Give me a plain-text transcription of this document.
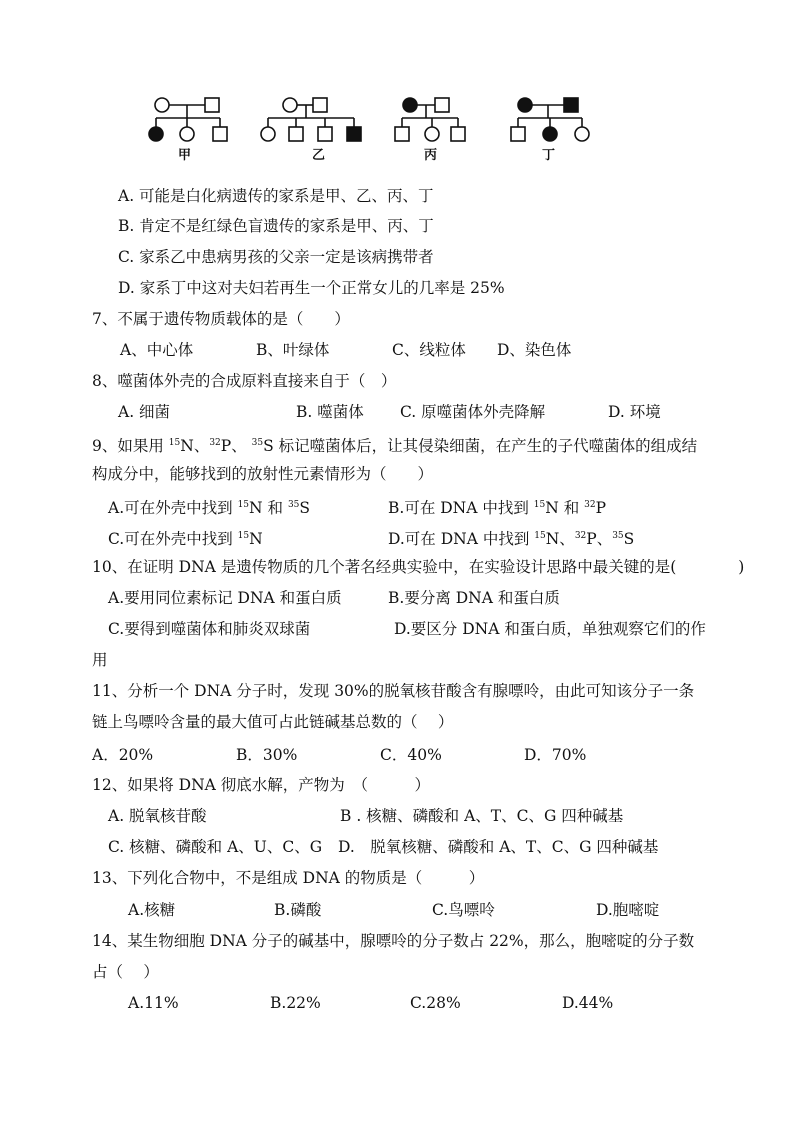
甲	乙	丙	丁
A. 可能是白化病遗传的家系是甲、乙、丙、丁
B. 肯定不是红绿色盲遗传的家系是甲、丙、丁
C. 家系乙中患病男孩的父亲一定是该病携带者
D. 家系丁中这对夫妇若再生一个正常女儿的几率是 25%
7、不属于遗传物质载体的是（　　）
A、中心体	B、叶绿体	C、线粒体 D、染色体
8、噬菌体外壳的合成原料直接来自于（　）
A. 细菌	B. 噬菌体 C. 原噬菌体外壳降解	D. 环境
9、如果用 $^{15}$N、$^{32}$P、 $^{35}$S 标记噬菌体后，让其侵染细菌，在产生的子代噬菌体的组成结
构成分中，能够找到的放射性元素情形为（　　）
A.可在外壳中找到 $^{15}$N 和 $^{35}$S	B.可在 DNA 中找到 $^{15}$N 和 $^{32}$P
C.可在外壳中找到 $^{15}$N	D.可在 DNA 中找到 $^{15}$N、$^{32}$P、$^{35}$S
10、在证明 DNA 是遗传物质的几个著名经典实验中，在实验设计思路中最关键的是(　　　　)
A.要用同位素标记 DNA 和蛋白质	B.要分离 DNA 和蛋白质
C.要得到噬菌体和肺炎双球菌	D.要区分 DNA 和蛋白质，单独观察它们的作
用
11、分析一个 DNA 分子时，发现 30%的脱氧核苷酸含有腺嘌呤，由此可知该分子一条
链上鸟嘌呤含量的最大值可占此链碱基总数的（　 ）
A．20%	B．30%	C．40%	D．70%
12、如果将 DNA 彻底水解，产物为　（　　　）
A. 脱氧核苷酸	B . 核糖、磷酸和 A、T、C、G 四种碱基
C. 核糖、磷酸和 A、U、C、G D.　脱氧核糖、磷酸和 A、T、C、G 四种碱基
13、下列化合物中，不是组成 DNA 的物质是（　　　）
A.核糖	B.磷酸	C.鸟嘌呤	D.胞嘧啶
14、某生物细胞 DNA 分子的碱基中，腺嘌呤的分子数占 22%，那么，胞嘧啶的分子数
占（　 ）
A.11%	B.22%	C.28%	D.44%
